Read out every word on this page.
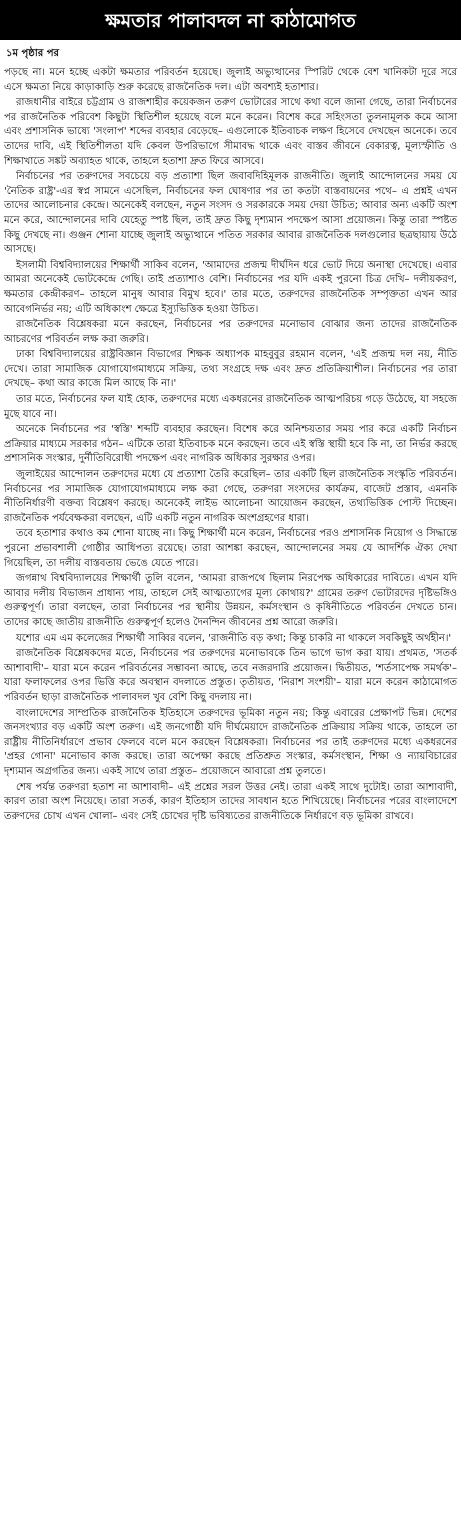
ক্ষমতার পালাবদল না কাঠামোগত
১ম পৃষ্ঠার পর

পড়ছে না। মনে হচ্ছে একটা ক্ষমতার পরিবর্তন হয়েছে। জুলাই অভ্যুত্থানের স্পিরিট থেকে বেশ খানিকটা দূরে সরে এসে ক্ষমতা নিয়ে কাড়াকাড়ি শুরু করেছে রাজনৈতিক দল। এটা অবশ্যই হতাশার।

রাজধানীর বাইরে চট্টগ্রাম ও রাজশাহীর কয়েকজন তরুণ ভোটারের সাথে কথা বলে জানা গেছে, তারা নির্বাচনের পর রাজনৈতিক পরিবেশ কিছুটা স্থিতিশীল হয়েছে বলে মনে করেন। বিশেষ করে সহিংসতা তুলনামূলক কমে আসা এবং প্রশাসনিক ভাষ্যে 'সংলাপ' শব্দের ব্যবহার বেড়েছে– এগুলোকে ইতিবাচক লক্ষণ হিসেবে দেখছেন অনেকে। তবে তাদের দাবি, এই স্থিতিশীলতা যদি কেবল উপরিভাগে সীমাবদ্ধ থাকে এবং বাস্তব জীবনে বেকারত্ব, মূল্যস্ফীতি ও শিক্ষাখাতে সঙ্কট অব্যাহত থাকে, তাহলে হতাশা দ্রুত ফিরে আসবে।

নির্বাচনের পর তরুণদের সবচেয়ে বড় প্রত্যাশা ছিল জবাবদিহিমূলক রাজনীতি। জুলাই আন্দোলনের সময় যে 'নৈতিক রাষ্ট্র'-এর স্বপ্ন সামনে এসেছিল, নির্বাচনের ফল ঘোষণার পর তা কতটা বাস্তবায়নের পথে– এ প্রশ্নই এখন তাদের আলোচনার কেন্দ্রে। অনেকেই বলছেন, নতুন সংসদ ও সরকারকে সময় দেয়া উচিত; আবার অন্য একটি অংশ মনে করে, আন্দোলনের দাবি যেহেতু স্পষ্ট ছিল, তাই দ্রুত কিছু দৃশ্যমান পদক্ষেপ আসা প্রয়োজন। কিন্তু তারা স্পষ্টত কিছু দেখছে না। গুঞ্জন শোনা যাচ্ছে জুলাই অভ্যুত্থানে পতিত সরকার আবার রাজনৈতিক দলগুলোর ছত্রছায়ায় উঠে আসছে।

ইসলামী বিশ্ববিদ্যালয়ের শিক্ষার্থী সাকিব বলেন, 'আমাদের প্রজন্ম দীর্ঘদিন ধরে ভোট দিয়ে অনাস্থা দেখেছে। এবার আমরা অনেকেই ভোটকেন্দ্রে গেছি। তাই প্রত্যাশাও বেশি। নির্বাচনের পর যদি একই পুরনো চিত্র দেখি– দলীয়করণ, ক্ষমতার কেন্দ্রীকরণ– তাহলে মানুষ আবার বিমুখ হবে।' তার মতে, তরুণদের রাজনৈতিক সম্পৃক্ততা এখন আর আবেগনির্ভর নয়; এটি অধিকাংশ ক্ষেত্রে ইস্যুভিত্তিক হওয়া উচিত।

রাজনৈতিক বিশ্লেষকরা মনে করছেন, নির্বাচনের পর তরুণদের মনোভাব বোঝার জন্য তাদের রাজনৈতিক আচরণের পরিবর্তন লক্ষ করা জরুরি।

ঢাকা বিশ্ববিদ্যালয়ের রাষ্ট্রবিজ্ঞান বিভাগের শিক্ষক অধ্যাপক মাহবুবুর রহমান বলেন, 'এই প্রজন্ম দল নয়, নীতি দেখে। তারা সামাজিক যোগাযোগমাধ্যমে সক্রিয়, তথ্য সংগ্রহে দক্ষ এবং দ্রুত প্রতিক্রিয়াশীল। নির্বাচনের পর তারা দেখছে– কথা আর কাজে মিল আছে কি না।'

তার মতে, নির্বাচনের ফল যাই হোক, তরুণদের মধ্যে একধরনের রাজনৈতিক আত্মপরিচয় গড়ে উঠেছে, যা সহজে মুছে যাবে না।

অনেকে নির্বাচনের পর 'স্বস্তি' শব্দটি ব্যবহার করছেন। বিশেষ করে অনিশ্চয়তার সময় পার করে একটি নির্বাচন প্রক্রিয়ার মাধ্যমে সরকার গঠন– এটিকে তারা ইতিবাচক মনে করছেন। তবে এই স্বস্তি স্থায়ী হবে কি না, তা নির্ভর করছে প্রশাসনিক সংস্কার, দুর্নীতিবিরোধী পদক্ষেপ এবং নাগরিক অধিকার সুরক্ষার ওপর।

জুলাইয়ের আন্দোলন তরুণদের মধ্যে যে প্রত্যাশা তৈরি করেছিল– তার একটি ছিল রাজনৈতিক সংস্কৃতি পরিবর্তন। নির্বাচনের পর সামাজিক যোগাযোগমাধ্যমে লক্ষ করা গেছে, তরুণরা সংসদের কার্যক্রম, বাজেট প্রস্তাব, এমনকি নীতিনির্ধারণী বক্তব্য বিশ্লেষণ করছে। অনেকেই লাইভ আলোচনা আয়োজন করছেন, তথ্যভিত্তিক পোস্ট দিচ্ছেন। রাজনৈতিক পর্যবেক্ষকরা বলছেন, এটি একটি নতুন নাগরিক অংশগ্রহণের ধারা।

তবে হতাশার কথাও কম শোনা যাচ্ছে না। কিছু শিক্ষার্থী মনে করেন, নির্বাচনের পরও প্রশাসনিক নিয়োগ ও সিদ্ধান্তে পুরনো প্রভাবশালী গোষ্ঠীর আধিপত্য রয়েছে। তারা আশঙ্কা করছেন, আন্দোলনের সময় যে আদর্শিক ঐক্য দেখা গিয়েছিল, তা দলীয় বাস্তবতায় ভেঙে যেতে পারে।

জগন্নাথ বিশ্ববিদ্যালয়ের শিক্ষার্থী তুলি বলেন, 'আমরা রাজপথে ছিলাম নিরপেক্ষ অধিকারের দাবিতে। এখন যদি আবার দলীয় বিভাজন প্রাধান্য পায়, তাহলে সেই আত্মত্যাগের মূল্য কোথায়?' গ্রামের তরুণ ভোটারদের দৃষ্টিভঙ্গিও গুরুত্বপূর্ণ। তারা বলছেন, তারা নির্বাচনের পর স্থানীয় উন্নয়ন, কর্মসংস্থান ও কৃষিনীতিতে পরিবর্তন দেখতে চান। তাদের কাছে জাতীয় রাজনীতি গুরুত্বপূর্ণ হলেও দৈনন্দিন জীবনের প্রশ্ন আরো জরুরি।

যশোর এম এম কলেজের শিক্ষার্থী সাব্বির বলেন, 'রাজনীতি বড় কথা; কিন্তু চাকরি না থাকলে সবকিছুই অর্থহীন।'

রাজনৈতিক বিশ্লেষকদের মতে, নির্বাচনের পর তরুণদের মনোভাবকে তিন ভাগে ভাগ করা যায়। প্রথমত, 'সতর্ক আশাবাদী'– যারা মনে করেন পরিবর্তনের সম্ভাবনা আছে, তবে নজরদারি প্রয়োজন। দ্বিতীয়ত, 'শর্তসাপেক্ষ সমর্থক'– যারা ফলাফলের ওপর ভিত্তি করে অবস্থান বদলাতে প্রস্তুত। তৃতীয়ত, 'নিরাশ সংশয়ী'– যারা মনে করেন কাঠামোগত পরিবর্তন ছাড়া রাজনৈতিক পালাবদল খুব বেশি কিছু বদলায় না।

বাংলাদেশের সাম্প্রতিক রাজনৈতিক ইতিহাসে তরুণদের ভূমিকা নতুন নয়; কিন্তু এবারের প্রেক্ষাপট ভিন্ন। দেশের জনসংখ্যার বড় একটি অংশ তরুণ। এই জনগোষ্ঠী যদি দীর্ঘমেয়াদে রাজনৈতিক প্রক্রিয়ায় সক্রিয় থাকে, তাহলে তা রাষ্ট্রীয় নীতিনির্ধারণে প্রভাব ফেলবে বলে মনে করছেন বিশ্লেষকরা। নির্বাচনের পর তাই তরুণদের মধ্যে একধরনের 'প্রহর গোনা' মনোভাব কাজ করছে। তারা অপেক্ষা করছে প্রতিশ্রুত সংস্কার, কর্মসংস্থান, শিক্ষা ও ন্যায়বিচারের দৃশ্যমান অগ্রগতির জন্য। একই সাথে তারা প্রস্তুত– প্রয়োজনে আবারো প্রশ্ন তুলতে।

শেষ পর্যন্ত তরুণরা হতাশ না আশাবাদী– এই প্রশ্নের সরল উত্তর নেই। তারা একই সাথে দুটোই। তারা আশাবাদী, কারণ তারা অংশ নিয়েছে। তারা সতর্ক, কারণ ইতিহাস তাদের সাবধান হতে শিখিয়েছে। নির্বাচনের পরের বাংলাদেশে তরুণদের চোখ এখন খোলা– এবং সেই চোখের দৃষ্টি ভবিষ্যতের রাজনীতিকে নির্ধারণে বড় ভূমিকা রাখবে।
